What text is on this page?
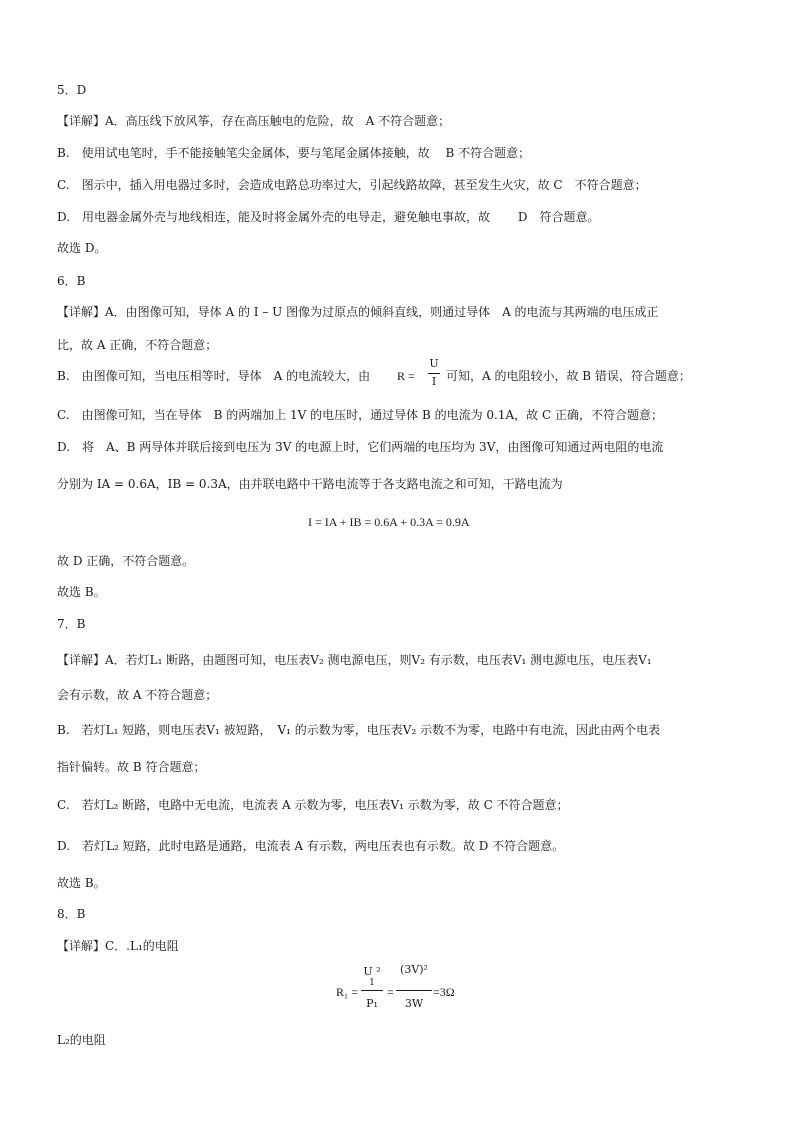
5．D
【详解】A．高压线下放风筝，存在高压触电的危险，故　A 不符合题意；
B.　使用试电笔时，手不能接触笔尖金属体，要与笔尾金属体接触，故　 B 不符合题意；
C.　图示中，插入用电器过多时，会造成电路总功率过大，引起线路故障，甚至发生火灾，故 C　不符合题意；
D.　用电器金属外壳与地线相连，能及时将金属外壳的电导走，避免触电事故，故　　 D　符合题意。
故选 D。
6．B
【详解】A．由图像可知，导体 A 的 I – U 图像为过原点的倾斜直线，则通过导体　A 的电流与其两端的电压成正
比，故 A 正确，不符合题意；
B.　由图像可知，当电压相等时，导体　A 的电流较大，由 R =
U
I 可知，A 的电阻较小，故 B 错误，符合题意；
C.　由图像可知，当在导体　B 的两端加上 1V 的电压时，通过导体 B 的电流为 0.1A，故 C 正确，不符合题意；
D.　将　A、B 两导体并联后接到电压为 3V 的电源上时，它们两端的电压均为 3V，由图像可知通过两电阻的电流
分别为 IA = 0.6A，IB = 0.3A，由并联电路中干路电流等于各支路电流之和可知，干路电流为
I = IA + IB = 0.6A + 0.3A = 0.9A
故 D 正确，不符合题意。
故选 B。
7．B
【详解】A．若灯L₁ 断路，由题图可知，电压表V₂ 测电源电压，则V₂ 有示数，电压表V₁ 测电源电压，电压表V₁
会有示数，故 A 不符合题意；
B.　若灯L₁ 短路，则电压表V₁ 被短路，　V₁ 的示数为零，电压表V₂ 示数不为零，电路中有电流，因此由两个电表
指针偏转。故 B 符合题意；
C.　若灯L₂ 断路，电路中无电流，电流表 A 示数为零，电压表V₁ 示数为零，故 C 不符合题意；
D.　若灯L₂ 短路，此时电路是通路，电流表 A 有示数，两电压表也有示数。故 D 不符合题意。
故选 B。
8．B
【详解】C．.L₁的电阻
R₁ =
U ²
1
P₁
=
(3V)²
3W
=3Ω
L₂的电阻
